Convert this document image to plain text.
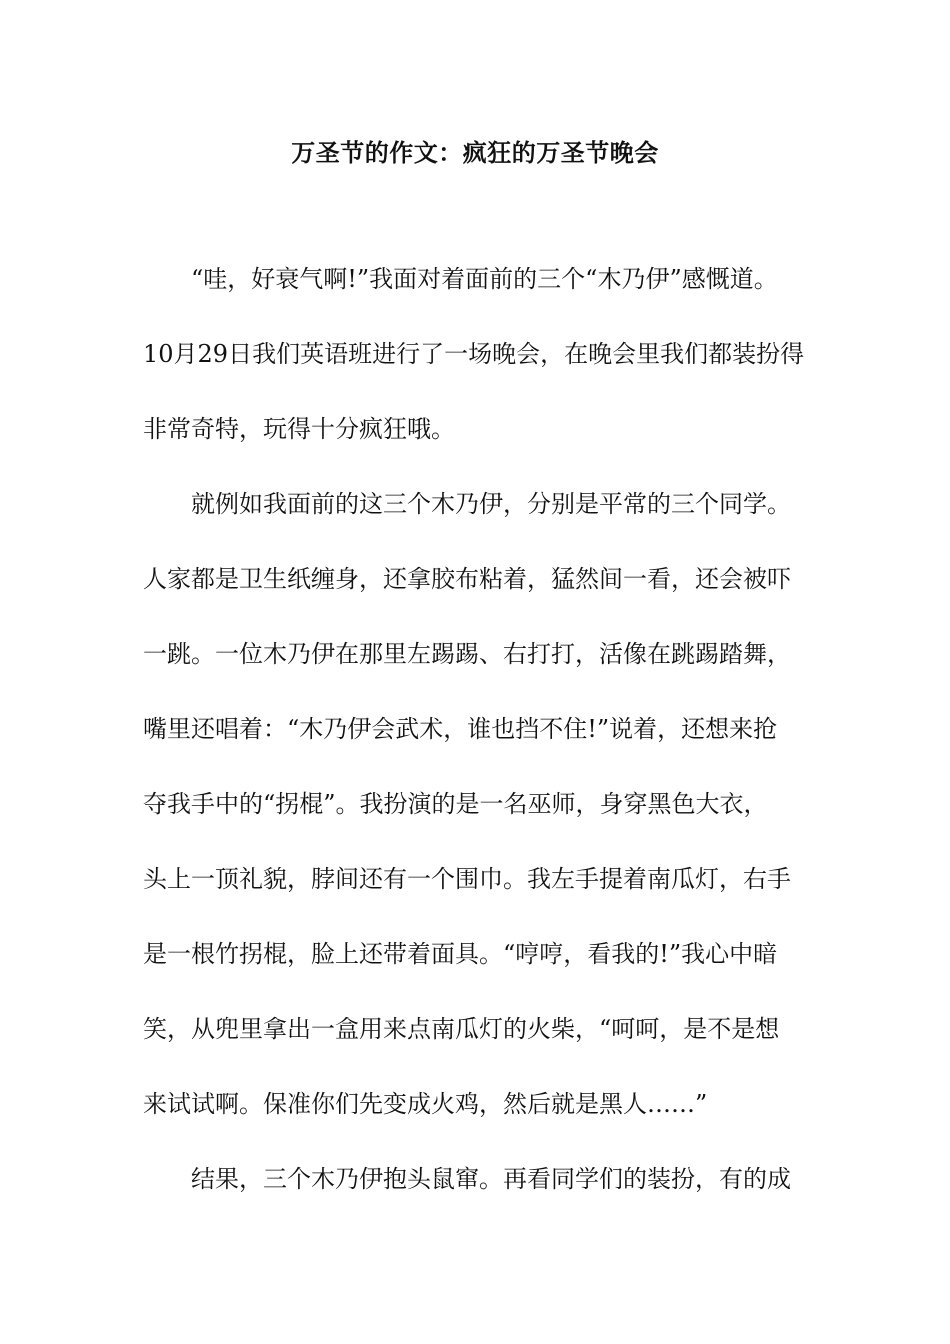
万圣节的作文：疯狂的万圣节晚会

“哇，好衰气啊!”我面对着面前的三个“木乃伊”感慨道。

10月29日我们英语班进行了一场晚会，在晚会里我们都装扮得

非常奇特，玩得十分疯狂哦。

就例如我面前的这三个木乃伊，分别是平常的三个同学。

人家都是卫生纸缠身，还拿胶布粘着，猛然间一看，还会被吓

一跳。一位木乃伊在那里左踢踢、右打打，活像在跳踢踏舞，

嘴里还唱着：“木乃伊会武术，谁也挡不住!”说着，还想来抢

夺我手中的“拐棍”。我扮演的是一名巫师，身穿黑色大衣，

头上一顶礼貌，脖间还有一个围巾。我左手提着南瓜灯，右手

是一根竹拐棍，脸上还带着面具。“哼哼，看我的!”我心中暗

笑，从兜里拿出一盒用来点南瓜灯的火柴，“呵呵，是不是想

来试试啊。保准你们先变成火鸡，然后就是黑人……”

结果，三个木乃伊抱头鼠窜。再看同学们的装扮，有的成
